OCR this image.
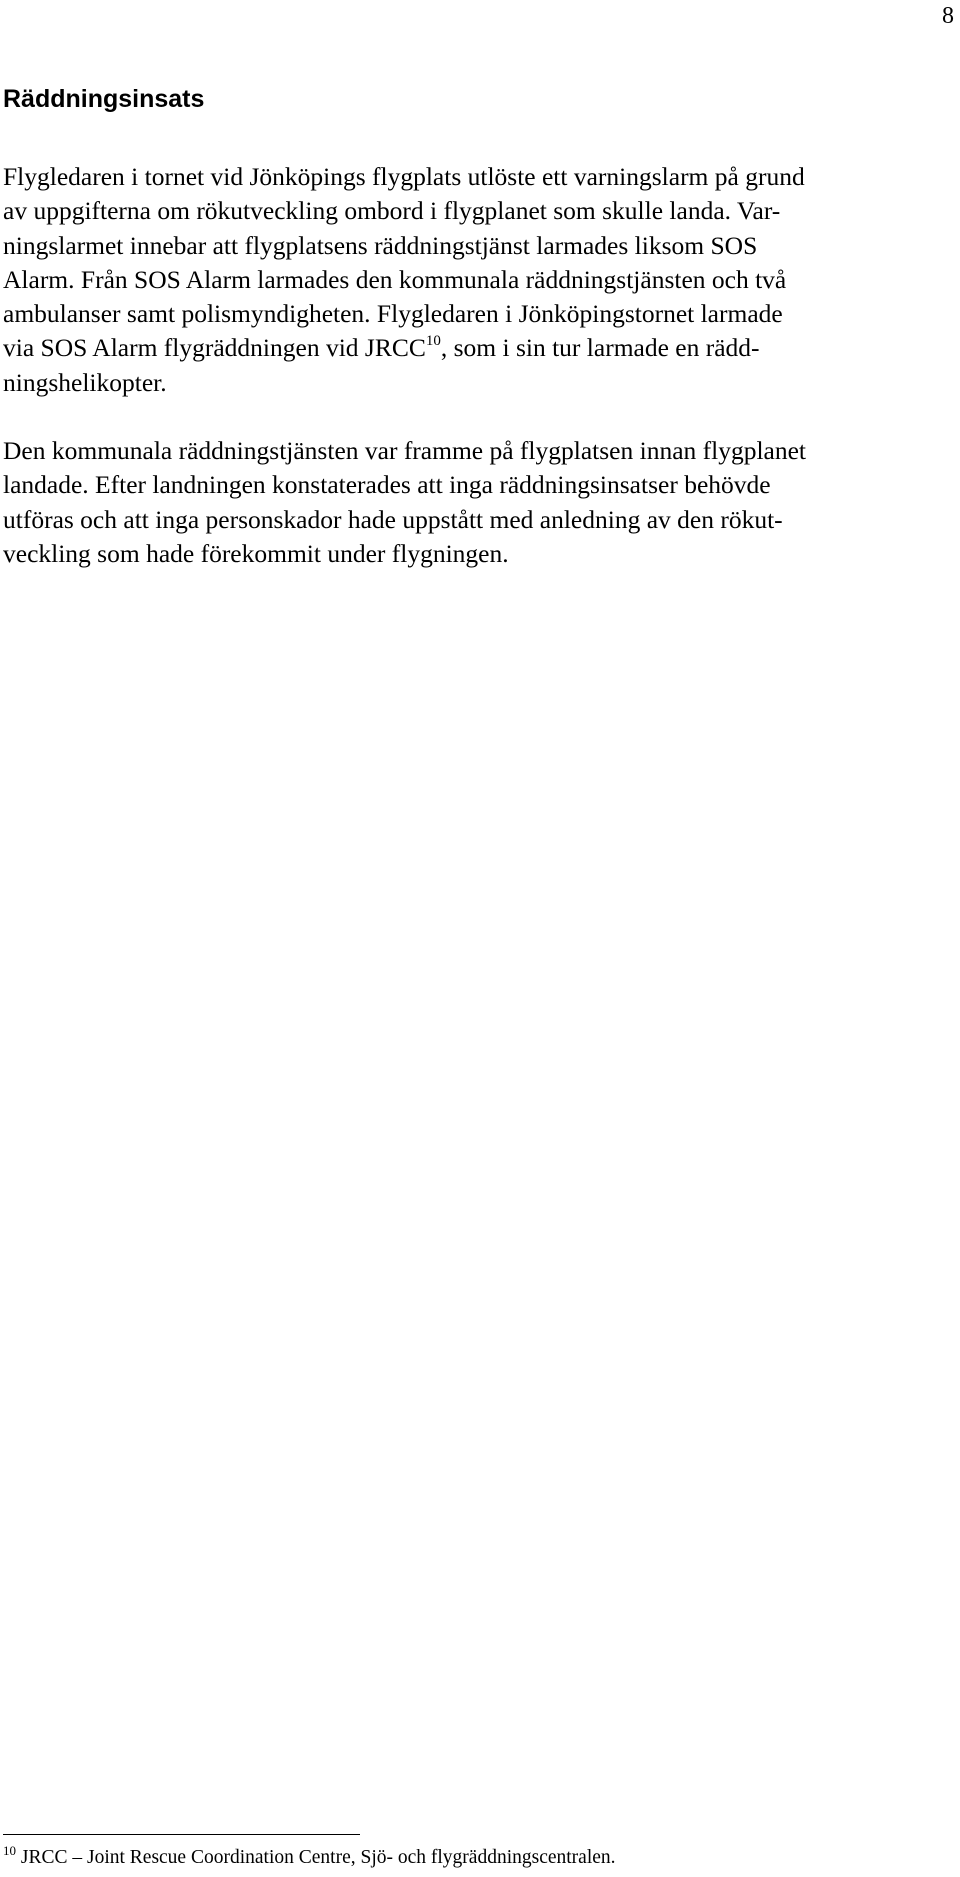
8
Räddningsinsats
Flygledaren i tornet vid Jönköpings flygplats utlöste ett varningslarm på grund
av uppgifterna om rökutveckling ombord i flygplanet som skulle landa. Var-
ningslarmet innebar att flygplatsens räddningstjänst larmades liksom SOS
Alarm. Från SOS Alarm larmades den kommunala räddningstjänsten och två
ambulanser samt polismyndigheten. Flygledaren i Jönköpingstornet larmade
via SOS Alarm flygräddningen vid JRCC$^{10}$, som i sin tur larmade en rädd-
ningshelikopter.
Den kommunala räddningstjänsten var framme på flygplatsen innan flygplanet
landade. Efter landningen konstaterades att inga räddningsinsatser behövde
utföras och att inga personskador hade uppstått med anledning av den rökut-
veckling som hade förekommit under flygningen.
$^{10}$ JRCC – Joint Rescue Coordination Centre, Sjö- och flygräddningscentralen.
